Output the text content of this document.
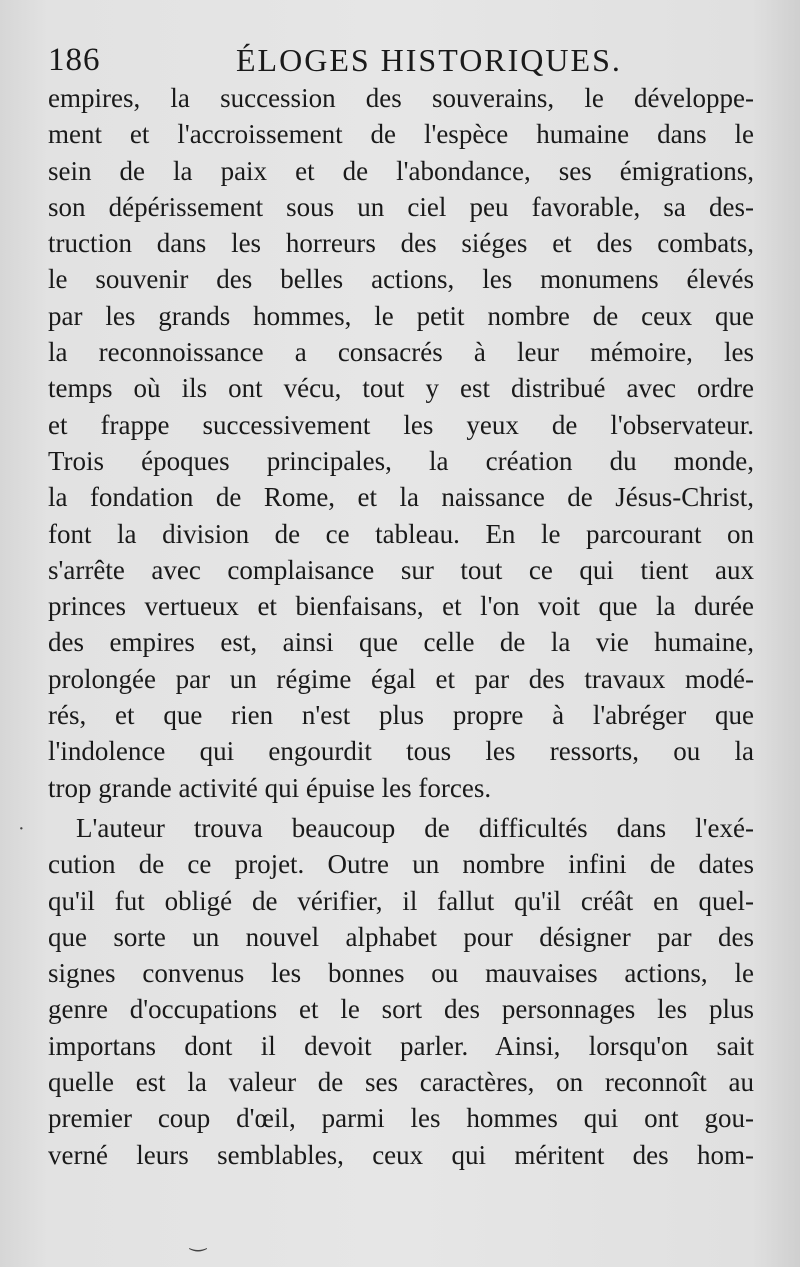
186	ÉLOGES HISTORIQUES.
empires, la succession des souverains, le développe-
ment et l'accroissement de l'espèce humaine dans le
sein de la paix et de l'abondance, ses émigrations,
son dépérissement sous un ciel peu favorable, sa des-
truction dans les horreurs des siéges et des combats,
le souvenir des belles actions, les monumens élevés
par les grands hommes, le petit nombre de ceux que
la reconnoissance a consacrés à leur mémoire, les
temps où ils ont vécu, tout y est distribué avec ordre
et frappe successivement les yeux de l'observateur.
Trois époques principales, la création du monde,
la fondation de Rome, et la naissance de Jésus-Christ,
font la division de ce tableau. En le parcourant on
s'arrête avec complaisance sur tout ce qui tient aux
princes vertueux et bienfaisans, et l'on voit que la durée
des empires est, ainsi que celle de la vie humaine,
prolongée par un régime égal et par des travaux modé-
rés, et que rien n'est plus propre à l'abréger que
l'indolence qui engourdit tous les ressorts, ou la
trop grande activité qui épuise les forces.
L'auteur trouva beaucoup de difficultés dans l'exé-
cution de ce projet. Outre un nombre infini de dates
qu'il fut obligé de vérifier, il fallut qu'il créât en quel-
que sorte un nouvel alphabet pour désigner par des
signes convenus les bonnes ou mauvaises actions, le
genre d'occupations et le sort des personnages les plus
importans dont il devoit parler. Ainsi, lorsqu'on sait
quelle est la valeur de ses caractères, on reconnoît au
premier coup d'œil, parmi les hommes qui ont gou-
verné leurs semblables, ceux qui méritent des hom-
·
‿
